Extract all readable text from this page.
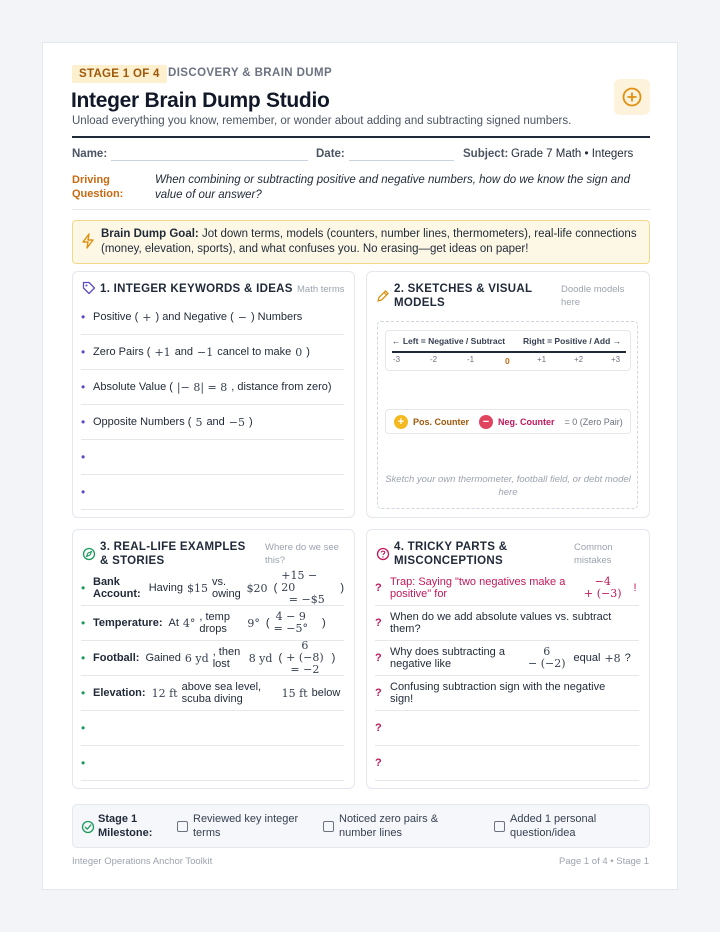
STAGE 1 OF 4 DISCOVERY & BRAIN DUMP
Integer Brain Dump Studio
Unload everything you know, remember, or wonder about adding and subtracting signed numbers.
Name:	Date:	Subject: Grade 7 Math • Integers
Driving Question:
When combining or subtracting positive and negative numbers, how do we know the sign and value of our answer?
Brain Dump Goal: Jot down terms, models (counters, number lines, thermometers), real-life connections (money, elevation, sports), and what confuses you. No erasing—get ideas on paper!
1. INTEGER KEYWORDS & IDEAS Math terms
• Positive ( + ) and Negative ( − ) Numbers
• Zero Pairs ( +1 and −1 cancel to make 0 )
• Absolute Value ( |− 8| = 8 , distance from zero)
• Opposite Numbers ( 5 and −5 )
•
•
2. SKETCHES & VISUAL MODELS
Doodle models here
← Left = Negative / Subtract Right = Positive / Add →
-3	-2	-1	0	+1	+2	+3
+ Pos. Counter	− Neg. Counter = 0 (Zero Pair)
Sketch your own thermometer, football field, or debt model here
3. REAL-LIFE EXAMPLES & STORIES
Where do we see this?
• Bank Account: Having $15 vs. owing $20 (
+15 − 20
= −$5
)
• Temperature: At 4° , temp drops	9° ( 4 − 9
= −5° )
• Football: Gained 6 yd , then lost	8 yd (
6
+ (−8)
= −2
)
• Elevation: 12 ft above sea level, scuba diving	15 ft below
•
•
4. TRICKY PARTS & MISCONCEPTIONS
Common mistakes
? Trap: Saying "two negatives make a positive" for
−4
+ (−3) !
? When do we add absolute values vs. subtract them?
? Why does subtracting a negative like
6
− (−2) equal +8 ?
? Confusing subtraction sign with the negative sign!
?
?
Stage 1 Milestone:
Reviewed key integer terms
Noticed zero pairs & number lines
Added 1 personal question/idea
Integer Operations Anchor Toolkit	Page 1 of 4 • Stage 1
